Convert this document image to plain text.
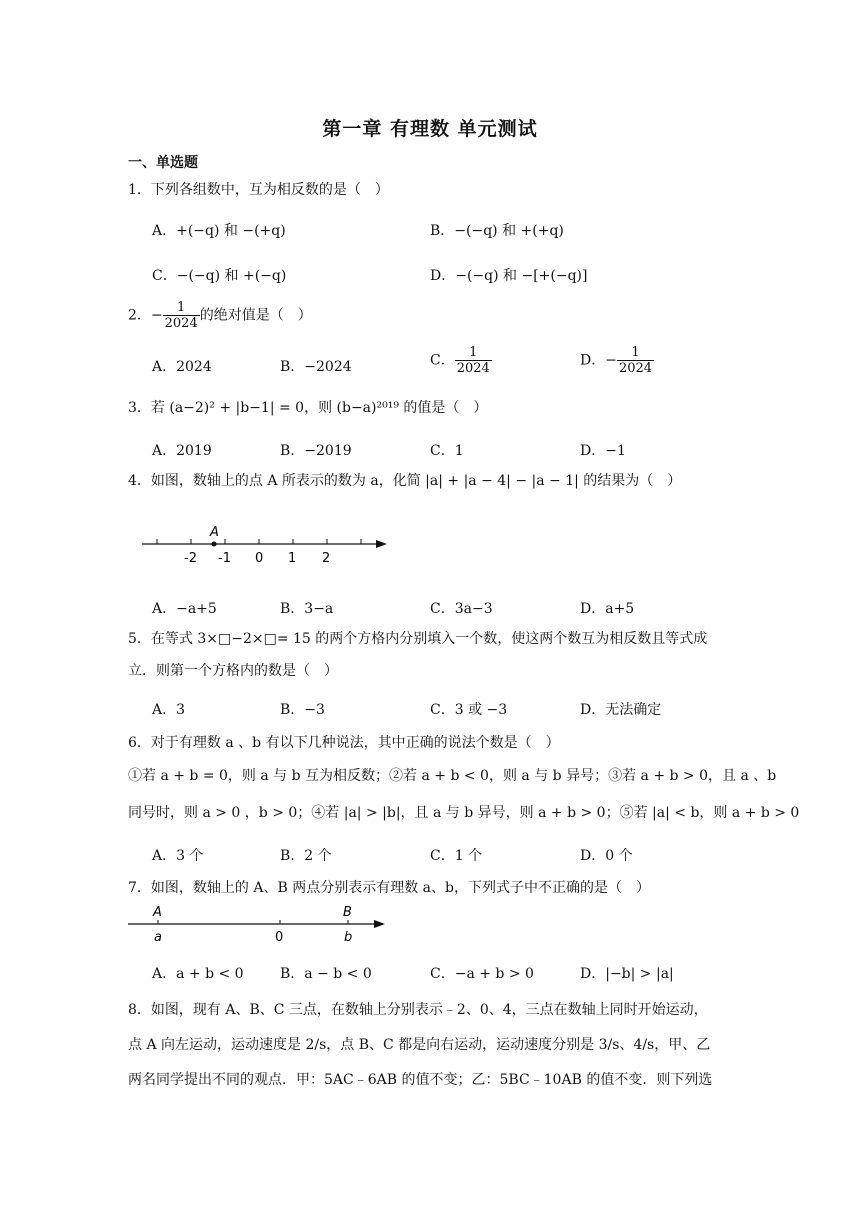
第一章 有理数 单元测试
一、单选题
1．下列各组数中，互为相反数的是（　）
A．+(−q) 和 −(+q)	B．−(−q) 和 +(+q)
C．−(−q) 和 +(−q)	D．−(−q) 和 −[+(−q)]
2．− $\frac{1}{2024}$ 的绝对值是（　）
A．2024	B．−2024	C． $\frac{1}{2024}$	D．− $\frac{1}{2024}$
3．若 (a−2)² + |b−1| = 0，则 (b−a)²⁰¹⁹ 的值是（　）
A．2019	B．−2019	C．1	D．−1
4．如图，数轴上的点 A 所表示的数为 a，化简 |a| + |a − 4| − |a − 1| 的结果为（　）
A
-2 -1 0 1 2
A．−a+5	B．3−a	C．3a−3	D．a+5
5．在等式 3×□−2×□= 15 的两个方格内分别填入一个数，使这两个数互为相反数且等式成
立．则第一个方格内的数是（　）
A．3	B．−3	C．3 或 −3	D．无法确定
6．对于有理数 a 、b 有以下几种说法，其中正确的说法个数是（　）
①若 a + b = 0，则 a 与 b 互为相反数；②若 a + b < 0，则 a 与 b 异号；③若 a + b > 0，且 a 、b
同号时，则 a > 0 ，b > 0；④若 |a| > |b|，且 a 与 b 异号，则 a + b > 0；⑤若 |a| < b，则 a + b > 0
A．3 个	B．2 个	C．1 个	D．0 个
7．如图，数轴上的 A、B 两点分别表示有理数 a、b，下列式子中不正确的是（　）
A
a	0
B
b
A．a + b < 0	B．a − b < 0	C．−a + b > 0	D．|−b| > |a|
8．如图，现有 A、B、C 三点，在数轴上分别表示﹣2、0、4，三点在数轴上同时开始运动，
点 A 向左运动，运动速度是 2/s，点 B、C 都是向右运动，运动速度分别是 3/s、4/s，甲、乙
两名同学提出不同的观点．甲：5AC﹣6AB 的值不变；乙：5BC﹣10AB 的值不变．则下列选
